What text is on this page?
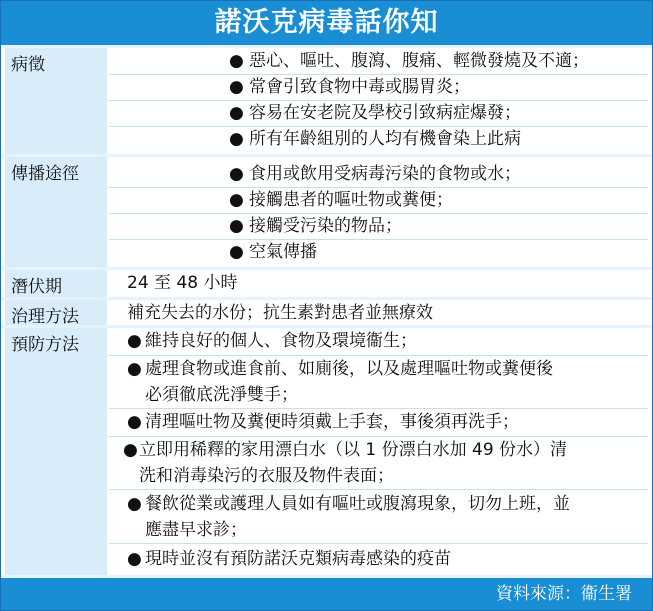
諾沃克病毒話你知
病徵	● 惡心、嘔吐、腹瀉、腹痛、輕微發燒及不適；
● 常會引致食物中毒或腸胃炎；
● 容易在安老院及學校引致病症爆發；
● 所有年齡組別的人均有機會染上此病
傳播途徑	● 食用或飲用受病毒污染的食物或水；
● 接觸患者的嘔吐物或糞便；
● 接觸受污染的物品；
● 空氣傳播
潛伏期	24 至 48 小時
治理方法	補充失去的水份；抗生素對患者並無療效
預防方法	● 維持良好的個人、食物及環境衞生；
● 處理食物或進食前、如廁後，以及處理嘔吐物或糞便後
必須徹底洗淨雙手；
● 清理嘔吐物及糞便時須戴上手套，事後須再洗手；
● 立即用稀釋的家用漂白水（以 1 份漂白水加 49 份水）清
洗和消毒染污的衣服及物件表面；
● 餐飲從業或護理人員如有嘔吐或腹瀉現象，切勿上班，並
應盡早求診；
● 現時並沒有預防諾沃克類病毒感染的疫苗
資料來源：衞生署
